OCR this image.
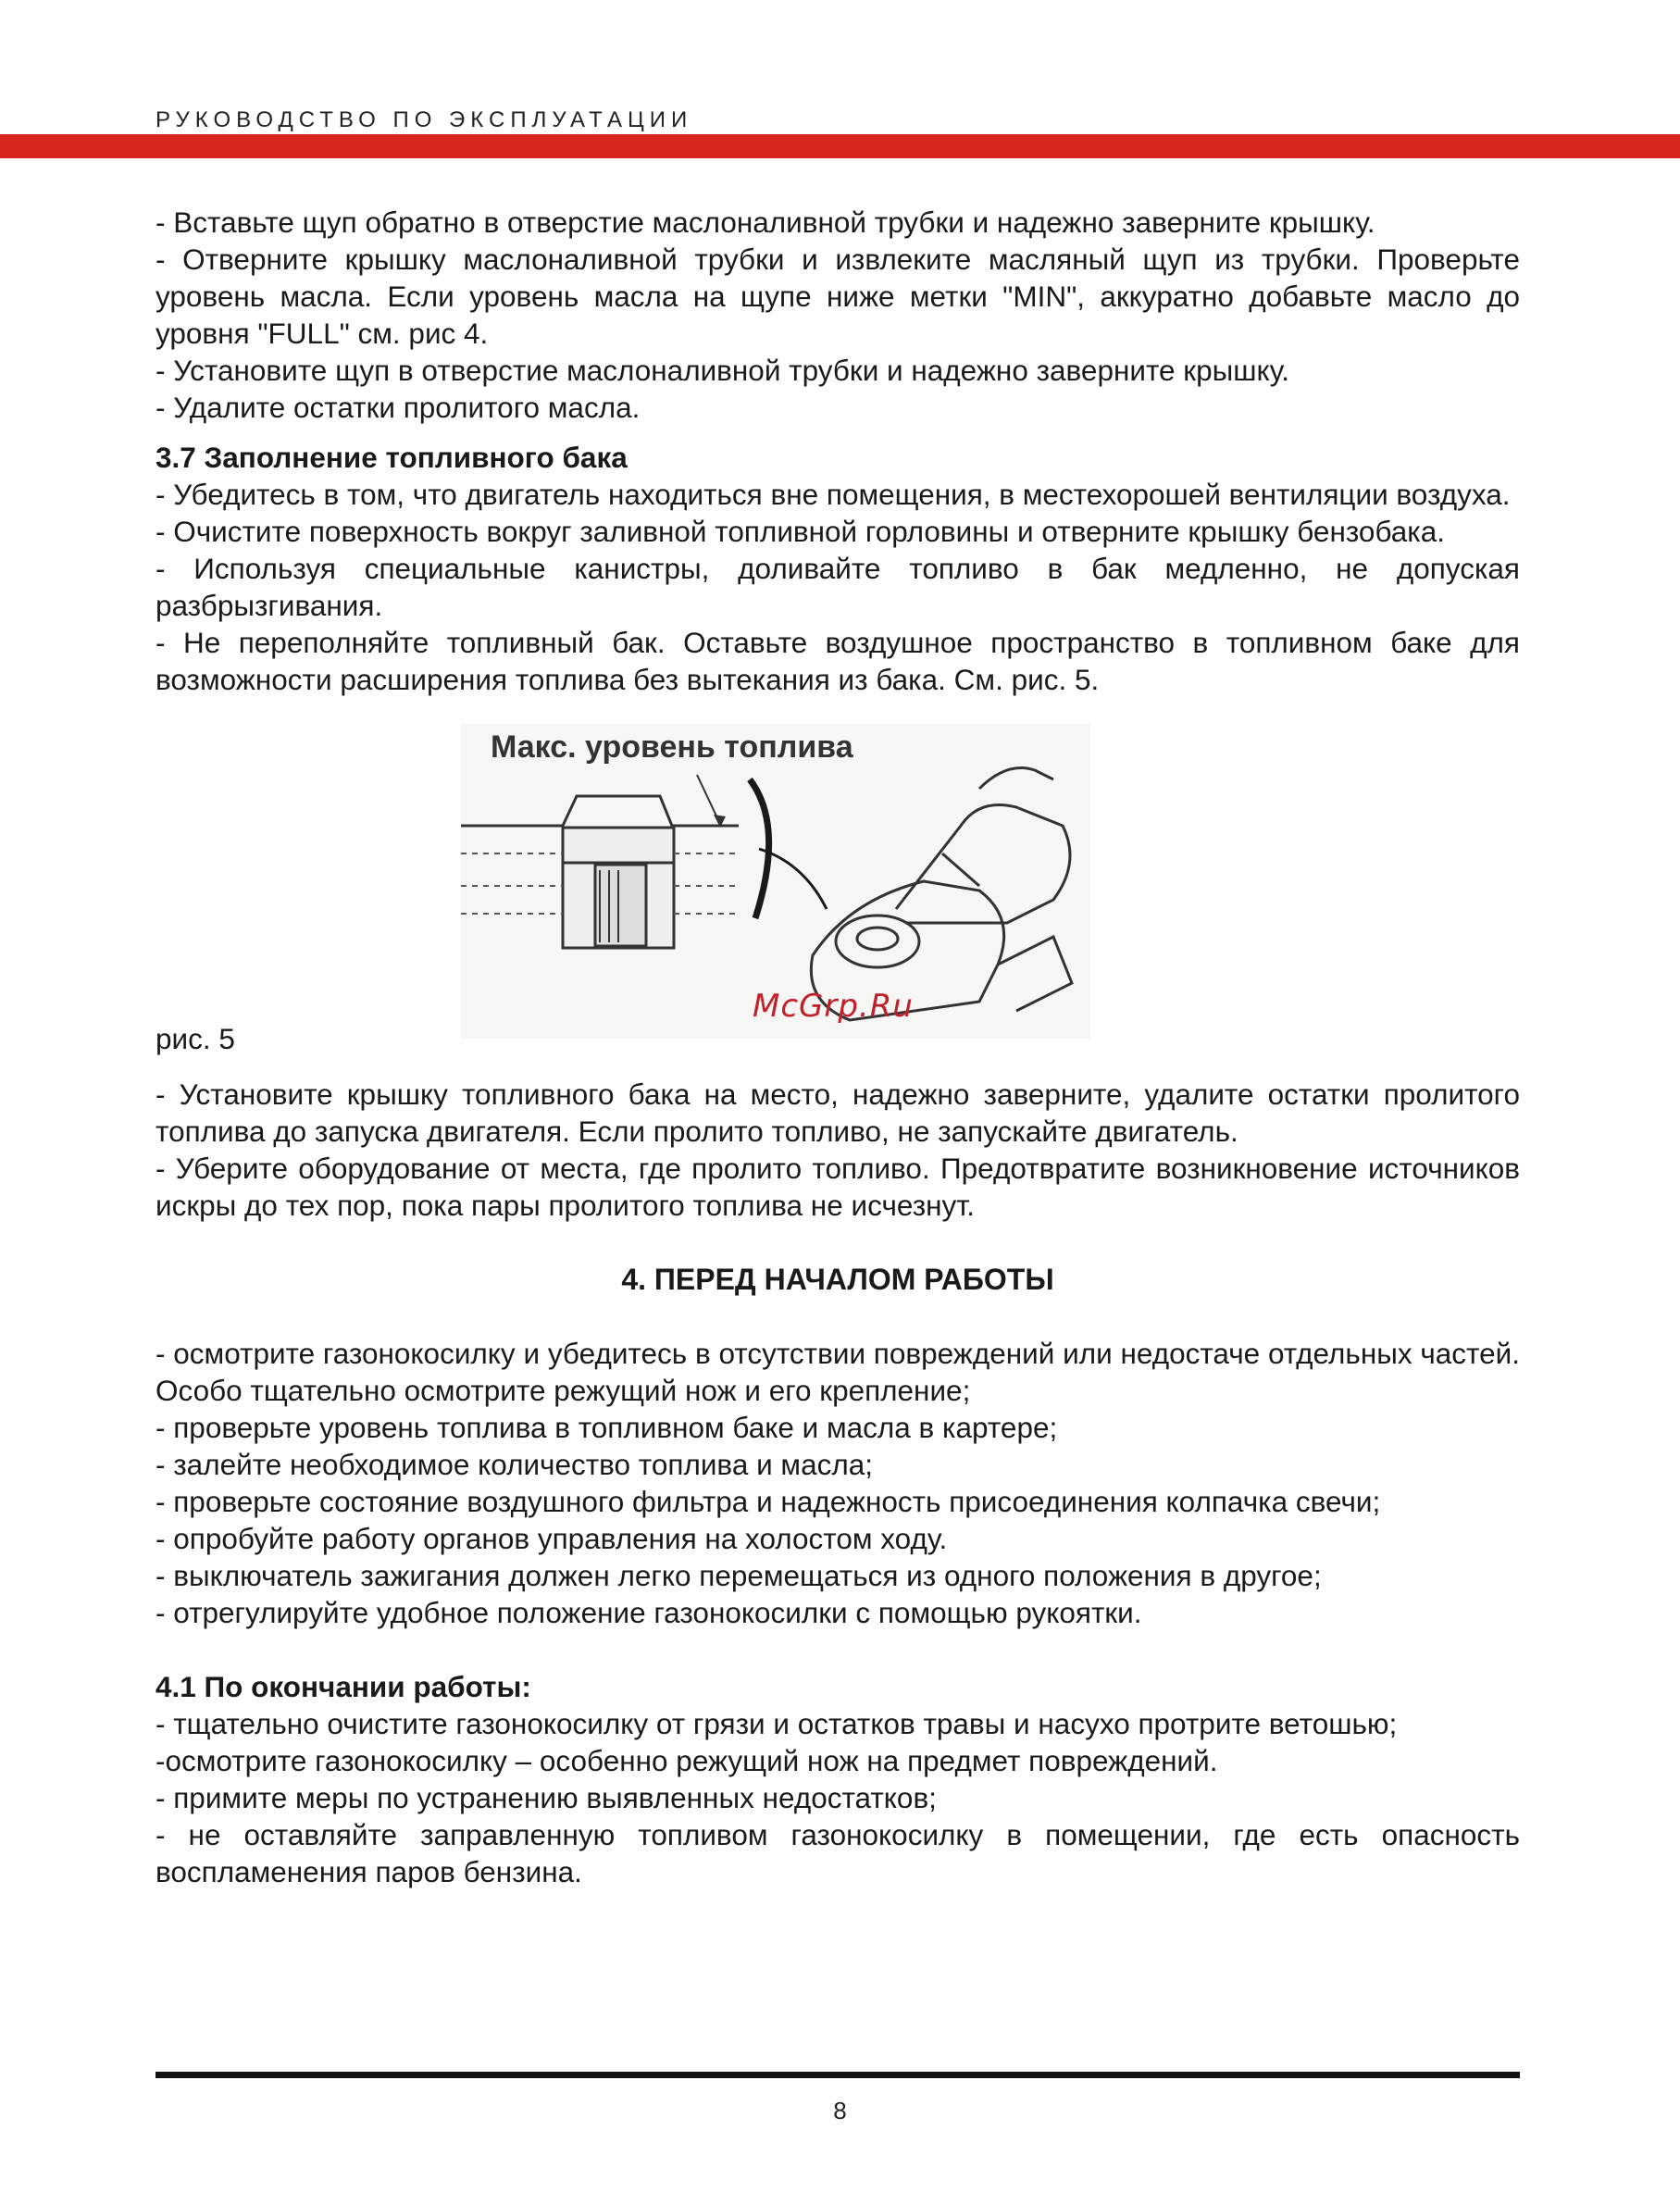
РУКОВОДСТВО ПО ЭКСПЛУАТАЦИИ

- Вставьте щуп обратно в отверстие маслоналивной трубки и надежно заверните крышку.

- Отверните крышку маслоналивной трубки и извлеките масляный щуп из трубки. Проверьте уровень масла. Если уровень масла на щупе ниже метки "MIN", аккуратно добавьте масло до уровня "FULL" см. рис 4.

- Установите щуп в отверстие маслоналивной трубки и надежно заверните крышку.

- Удалите остатки пролитого масла.

3.7 Заполнение топливного бака

- Убедитесь в том, что двигатель находиться вне помещения, в местехорошей вентиляции воздуха.

- Очистите поверхность вокруг заливной топливной горловины и отверните крышку бензобака.

- Используя специальные канистры, доливайте топливо в бак медленно, не допуская разбрызгивания.

- Не переполняйте топливный бак. Оставьте воздушное пространство в топливном баке для возможности расширения топлива без вытекания из бака. См. рис. 5.

рис. 5
Макс. уровень топлива
McGrp.Ru

- Установите крышку топливного бака на место, надежно заверните, удалите остатки пролитого топлива до запуска двигателя. Если пролито топливо, не запускайте двигатель.

- Уберите оборудование от места, где пролито топливо. Предотвратите возникновение источников искры до тех пор, пока пары пролитого топлива не исчезнут.

4. ПЕРЕД НАЧАЛОМ РАБОТЫ

- осмотрите газонокосилку и убедитесь в отсутствии повреждений или недостаче отдельных частей. Особо тщательно осмотрите режущий нож и его крепление;

- проверьте уровень топлива в топливном баке и масла в картере;

- залейте необходимое количество топлива и масла;

- проверьте состояние воздушного фильтра и надежность присоединения колпачка свечи;

- опробуйте работу органов управления на холостом ходу.

- выключатель зажигания должен легко перемещаться из одного положения в другое;

- отрегулируйте удобное положение газонокосилки с помощью рукоятки.

4.1 По окончании работы:

- тщательно очистите газонокосилку от грязи и остатков травы и насухо протрите ветошью;

-осмотрите газонокосилку – особенно режущий нож на предмет повреждений.

- примите меры по устранению выявленных недостатков;

- не оставляйте заправленную топливом газонокосилку в помещении, где есть опасность воспламенения паров бензина.

8
